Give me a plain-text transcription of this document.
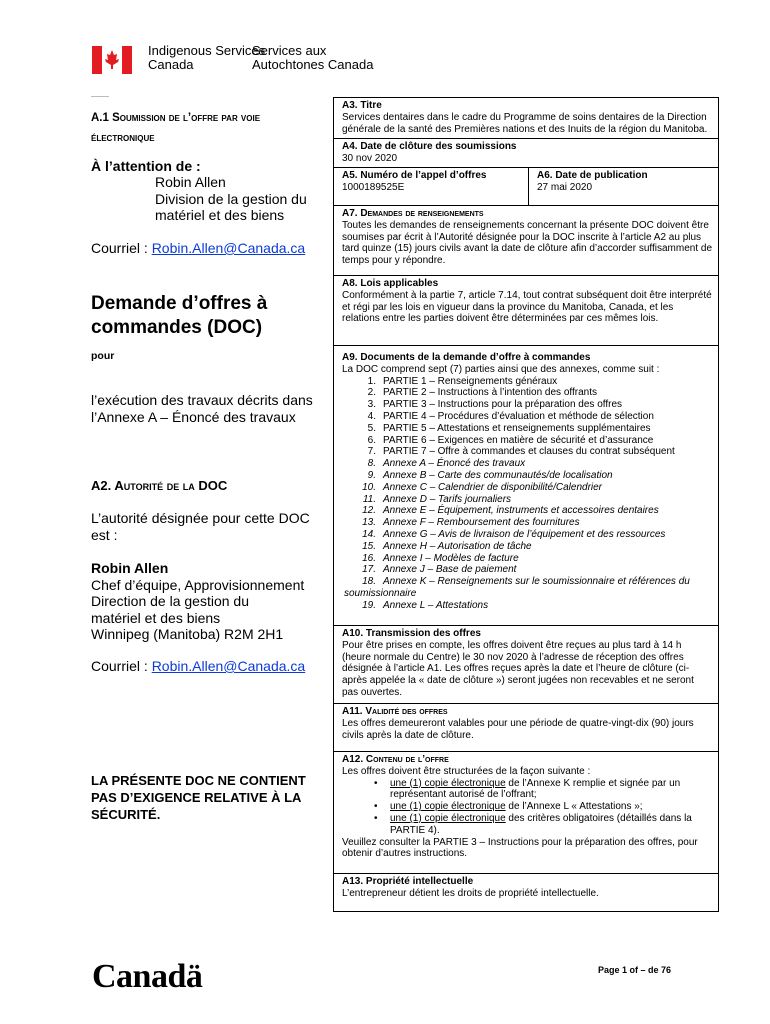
Indigenous Services
Canada
Services aux
Autochtones Canada
A.1 Soumission de l’offre par voie
électronique
À l’attention de :
Robin Allen
Division de la gestion du
matériel et des biens
Courriel : Robin.Allen@Canada.ca
Demande d’offres à
commandes (DOC)
pour
l’exécution des travaux décrits dans
l’Annexe A – Énoncé des travaux
A2. Autorité de la DOC
L’autorité désignée pour cette DOC
est :
Robin Allen
Chef d’équipe, Approvisionnement
Direction de la gestion du
matériel et des biens
Winnipeg (Manitoba) R2M 2H1
Courriel : Robin.Allen@Canada.ca
LA PRÉSENTE DOC NE CONTIENT
PAS D’EXIGENCE RELATIVE À LA
SÉCURITÉ.
A3. Titre
Services dentaires dans le cadre du Programme de soins dentaires de la Direction générale de la santé des Premières nations et des Inuits de la région du Manitoba.
A4. Date de clôture des soumissions
30 nov 2020
A5. Numéro de l’appel d’offres
1000189525E
A6. Date de publication
27 mai 2020
A7. Demandes de renseignements
Toutes les demandes de renseignements concernant la présente DOC doivent être soumises par écrit à l’Autorité désignée pour la DOC inscrite à l’article A2 au plus tard quinze (15) jours civils avant la date de clôture afin d’accorder suffisamment de temps pour y répondre.
A8. Lois applicables
Conformément à la partie 7, article 7.14, tout contrat subséquent doit être interprété et régi par les lois en vigueur dans la province du Manitoba, Canada, et les relations entre les parties doivent être déterminées par ces mêmes lois.
A9. Documents de la demande d’offre à commandes
La DOC comprend sept (7) parties ainsi que des annexes, comme suit :
1. PARTIE 1 – Renseignements généraux
2. PARTIE 2 – Instructions à l’intention des offrants
3. PARTIE 3 – Instructions pour la préparation des offres
4. PARTIE 4 – Procédures d’évaluation et méthode de sélection
5. PARTIE 5 – Attestations et renseignements supplémentaires
6. PARTIE 6 – Exigences en matière de sécurité et d’assurance
7. PARTIE 7 – Offre à commandes et clauses du contrat subséquent
8. Annexe A – Énoncé des travaux
9. Annexe B – Carte des communautés/de localisation
10. Annexe C – Calendrier de disponibilité/Calendrier
11. Annexe D – Tarifs journaliers
12. Annexe E – Équipement, instruments et accessoires dentaires
13. Annexe F – Remboursement des fournitures
14. Annexe G – Avis de livraison de l’équipement et des ressources
15. Annexe H – Autorisation de tâche
16. Annexe I – Modèles de facture
17. Annexe J – Base de paiement
18. Annexe K – Renseignements sur le soumissionnaire et références du
soumissionnaire
19. Annexe L – Attestations
A10. Transmission des offres
Pour être prises en compte, les offres doivent être reçues au plus tard à 14 h (heure normale du Centre) le 30 nov 2020 à l’adresse de réception des offres désignée à l’article A1. Les offres reçues après la date et l’heure de clôture (ci-après appelée la « date de clôture ») seront jugées non recevables et ne seront pas ouvertes.
A11. Validité des offres
Les offres demeureront valables pour une période de quatre-vingt-dix (90) jours civils après la date de clôture.
A12. Contenu de l’offre
Les offres doivent être structurées de la façon suivante :
• une (1) copie électronique de l’Annexe K remplie et signée par un représentant autorisé de l’offrant;
• une (1) copie électronique de l’Annexe L « Attestations »;
• une (1) copie électronique des critères obligatoires (détaillés dans la PARTIE 4).
Veuillez consulter la PARTIE 3 – Instructions pour la préparation des offres, pour obtenir d’autres instructions.
A13. Propriété intellectuelle
L’entrepreneur détient les droits de propriété intellectuelle.
Canadä	Page 1 of – de 76
